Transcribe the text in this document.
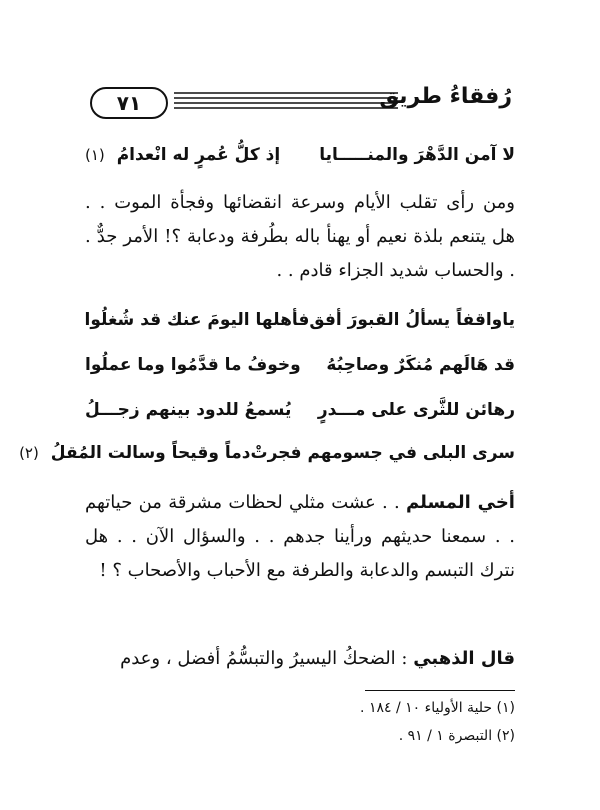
رُفقاءُ طريق
٧١
لا آمن الدَّهْرَ والمنـــــايا
إذ كلُّ عُمرٍ له انْعدامُ (١)
ومن رأى تقلب الأيام وسرعة انقضائها وفجأة الموت . . هل يتنعم بلذة نعيم أو يهنأ باله بطُرفة ودعابة ؟! الأمر جدٌّ . . والحساب شديد الجزاء قادم . .
ياواقفاً يسألُ القبورَ أفق
فأهلها اليومَ عنك قد شُغلُوا
قد هَالَهم مُنكَرٌ وصاحِبُهُ
وخوفُ ما قدَّمُوا وما عملُوا
رهائن للثَّرى على مـــدرٍ
يُسمعُ للدود بينهم زجـــلُ
سرى البلى في جسومهم فجرتْ
دماً وقيحاً وسالت المُقلُ (٢)
أخي المسلم . . عشت مثلي لحظات مشرقة من حياتهم . . سمعنا حديثهم ورأينا جدهم . . والسؤال الآن . . هل نترك التبسم والدعابة والطرفة مع الأحباب والأصحاب ؟ !
قال الذهبي : الضحكُ اليسيرُ والتبسُّمُ أفضل ، وعدم
(١) حلية الأولياء ١٠ / ١٨٤ .
(٢) التبصرة ١ / ٩١ .
